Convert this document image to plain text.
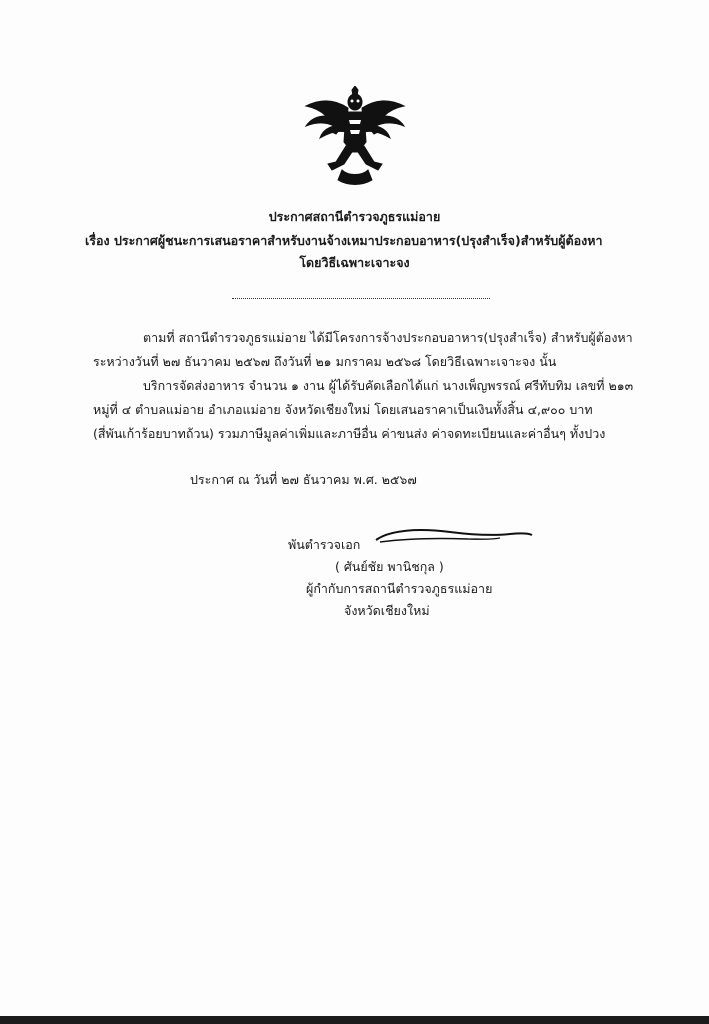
ประกาศสถานีตำรวจภูธรแม่อาย
เรื่อง ประกาศผู้ชนะการเสนอราคาสำหรับงานจ้างเหมาประกอบอาหาร(ปรุงสำเร็จ)สำหรับผู้ต้องหา
โดยวิธีเฉพาะเจาะจง
ตามที่ สถานีตำรวจภูธรแม่อาย ได้มีโครงการจ้างประกอบอาหาร(ปรุงสำเร็จ) สำหรับผู้ต้องหา
ระหว่างวันที่ ๒๗ ธันวาคม ๒๕๖๗ ถึงวันที่ ๒๑ มกราคม ๒๕๖๘ โดยวิธีเฉพาะเจาะจง นั้น
บริการจัดส่งอาหาร จำนวน ๑ งาน ผู้ได้รับคัดเลือกได้แก่ นางเพ็ญพรรณ์ ศรีทับทิม เลขที่ ๒๑๓
หมู่ที่ ๔ ตำบลแม่อาย อำเภอแม่อาย จังหวัดเชียงใหม่ โดยเสนอราคาเป็นเงินทั้งสิ้น ๔,๙๐๐ บาท
(สี่พันเก้าร้อยบาทถ้วน) รวมภาษีมูลค่าเพิ่มและภาษีอื่น ค่าขนส่ง ค่าจดทะเบียนและค่าอื่นๆ ทั้งปวง
ประกาศ ณ วันที่ ๒๗ ธันวาคม พ.ศ. ๒๕๖๗
พันตำรวจเอก
( ศันย์ชัย พานิชกุล )
ผู้กำกับการสถานีตำรวจภูธรแม่อาย
จังหวัดเชียงใหม่
